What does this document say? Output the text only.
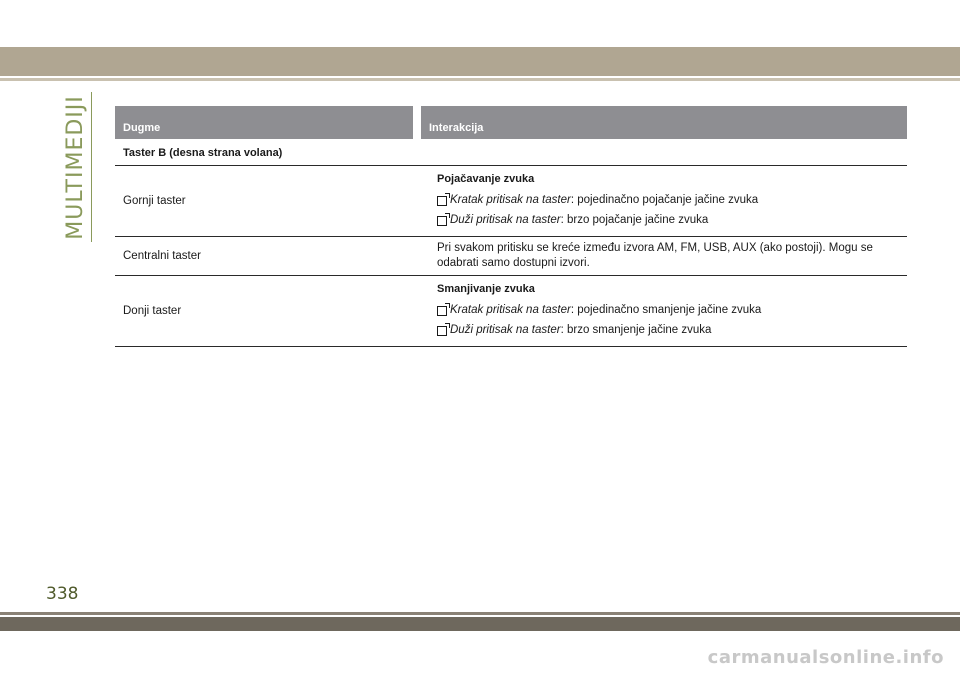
MULTIMEDIJI	Dugme	Interakcija
Taster B (desna strana volana)
Gornji taster
Pojačavanje zvuka
Kratak pritisak na taster : pojedinačno pojačanje jačine zvuka
Duži pritisak na taster : brzo pojačanje jačine zvuka
Centralni taster
Pri svakom pritisku se kreće između izvora AM, FM, USB, AUX (ako postoji). Mogu se odabrati samo dostupni izvori.
Donji taster
Smanjivanje zvuka
Kratak pritisak na taster : pojedinačno smanjenje jačine zvuka
Duži pritisak na taster : brzo smanjenje jačine zvuka
338
carmanualsonline.info
